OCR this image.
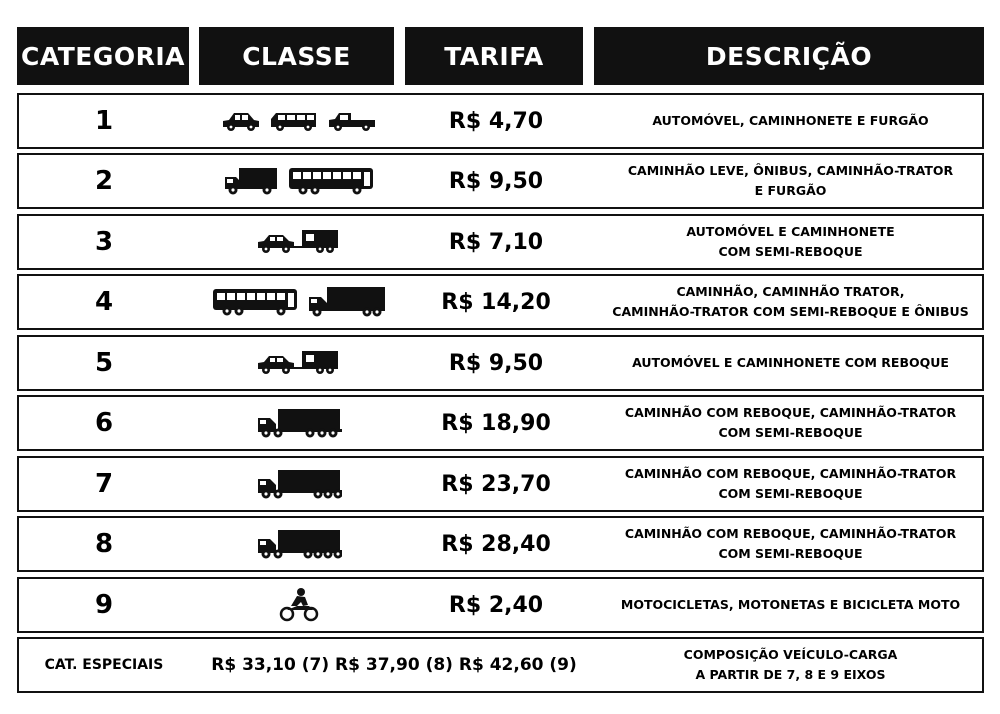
CATEGORIA	CLASSE	TARIFA	DESCRIÇÃO
1	R$ 4,70	AUTOMÓVEL, CAMINHONETE E FURGÃO
2	R$ 9,50	CAMINHÃO LEVE, ÔNIBUS, CAMINHÃO-TRATOR
E FURGÃO
3	R$ 7,10	AUTOMÓVEL E CAMINHONETE
COM SEMI-REBOQUE
4	R$ 14,20	CAMINHÃO, CAMINHÃO TRATOR,
CAMINHÃO-TRATOR COM SEMI-REBOQUE E ÔNIBUS
5	R$ 9,50	AUTOMÓVEL E CAMINHONETE COM REBOQUE
6	R$ 18,90	CAMINHÃO COM REBOQUE, CAMINHÃO-TRATOR
COM SEMI-REBOQUE
7	R$ 23,70	CAMINHÃO COM REBOQUE, CAMINHÃO-TRATOR
COM SEMI-REBOQUE
8	R$ 28,40	CAMINHÃO COM REBOQUE, CAMINHÃO-TRATOR
COM SEMI-REBOQUE
9	R$ 2,40	MOTOCICLETAS, MOTONETAS E BICICLETA MOTO
CAT. ESPECIAIS	R$ 33,10 (7) R$ 37,90 (8) R$ 42,60 (9)
COMPOSIÇÃO VEÍCULO-CARGA
A PARTIR DE 7, 8 E 9 EIXOS
